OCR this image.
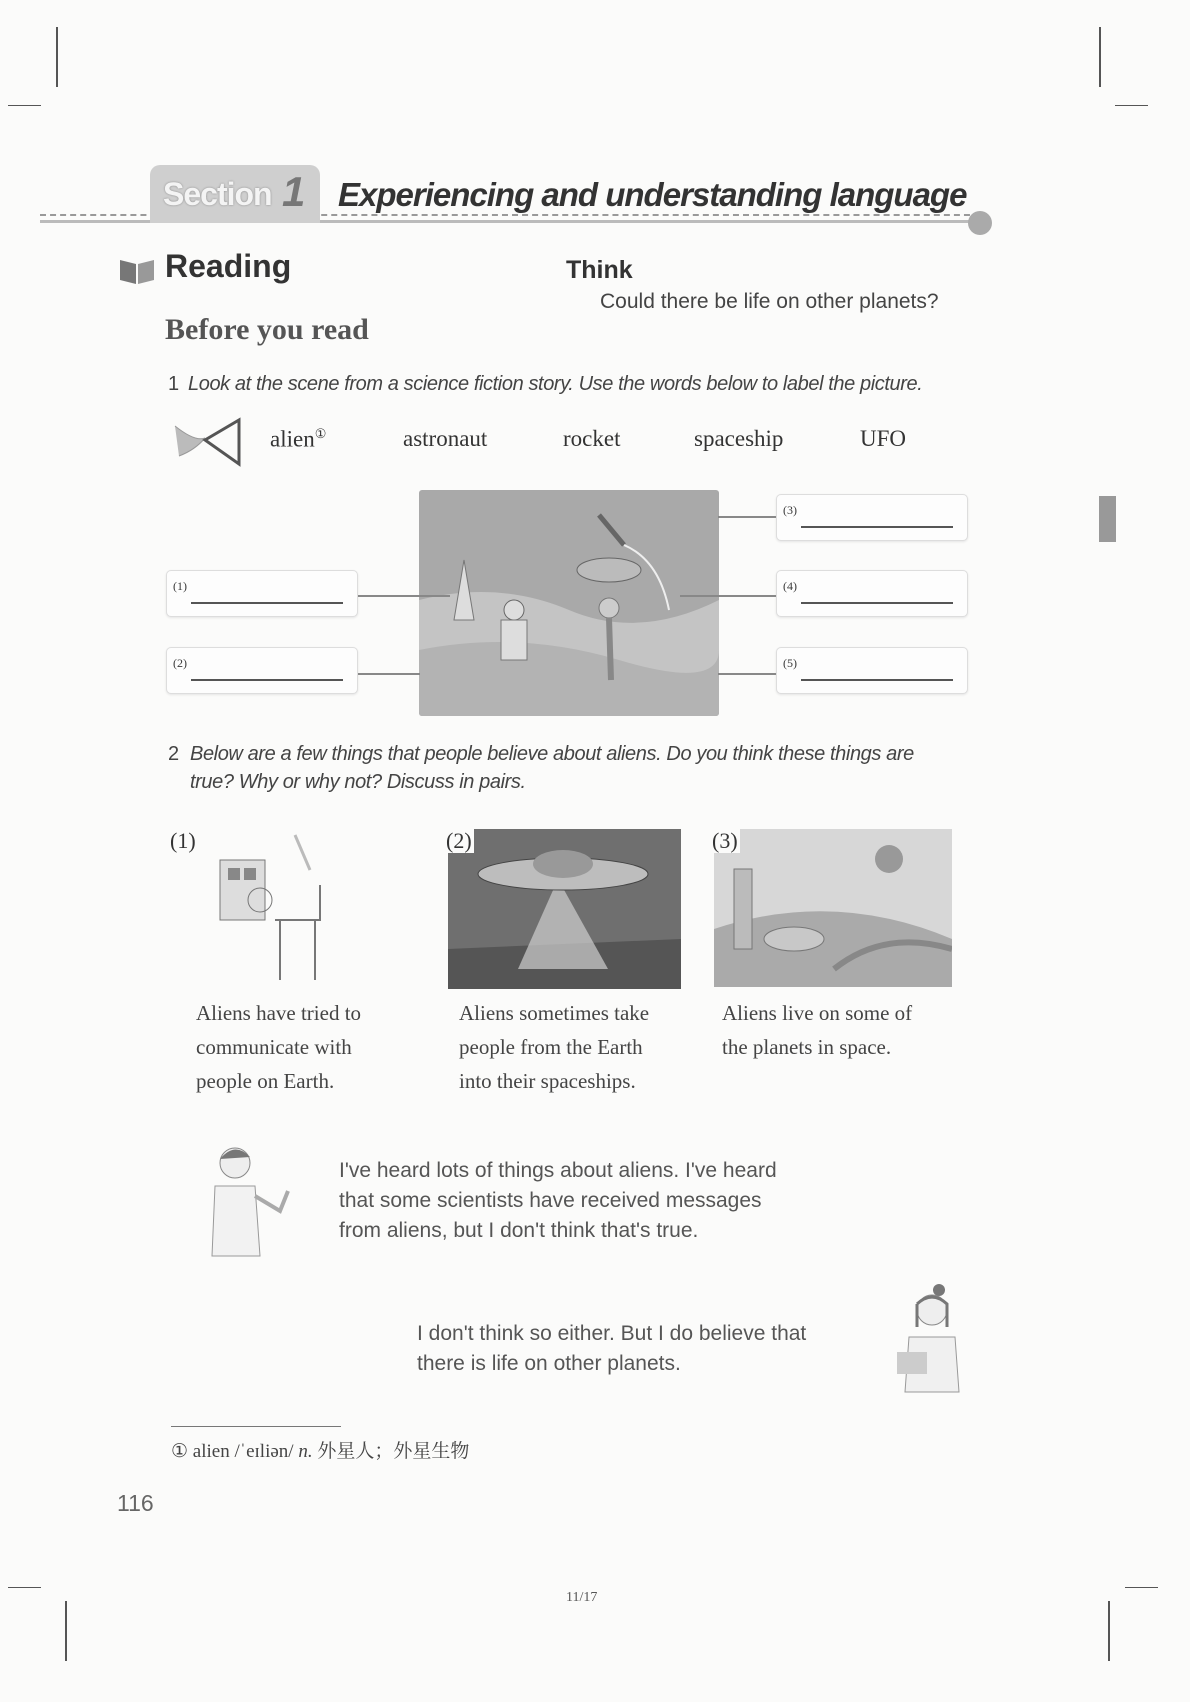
Section 1 Experiencing and understanding language
Reading	Think
Could there be life on other planets?
Before you read
1 Look at the scene from a science fiction story. Use the words below to label the picture.
alien①	astronaut	rocket	spaceship	UFO
(1)
(2)
(3)
(4)
(5)
2 Below are a few things that people believe about aliens. Do you think these things are
true? Why or why not? Discuss in pairs.
(1)	(2)	(3)
Aliens have tried to
communicate with
people on Earth.
Aliens sometimes take
people from the Earth
into their spaceships.
Aliens live on some of
the planets in space.
I've heard lots of things about aliens. I've heard
that some scientists have received messages
from aliens, but I don't think that's true.
I don't think so either. But I do believe that
there is life on other planets.
① alien /ˈeɪliən/ n. 外星人；外星生物
116
11/17
